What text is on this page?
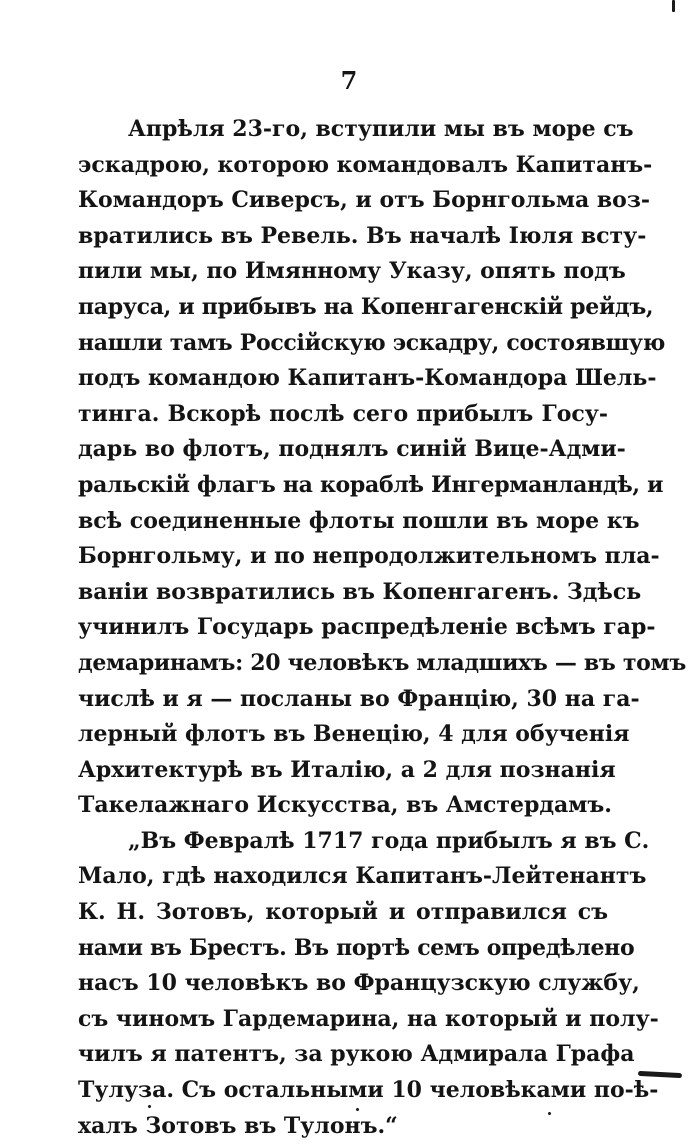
7
Апрѣля 23-го, вступили мы въ море съ
эскадрою, которою командовалъ Капитанъ-
Командоръ Сиверсъ, и отъ Борнгольма воз-
вратились въ Ревель. Въ началѣ Іюля всту-
пили мы, по Имянному Указу, опять подъ
паруса, и прибывъ на Копенгагенскій рейдъ,
нашли тамъ Россійскую эскадру, состоявшую
подъ командою Капитанъ-Командора Шель-
тинга. Вскорѣ послѣ сего прибылъ Госу-
дарь во флотъ, поднялъ синій Вице-Адми-
ральскій флагъ на кораблѣ Ингерманландѣ, и
всѣ соединенные флоты пошли въ море къ
Борнгольму, и по непродолжительномъ пла-
ваніи возвратились въ Копенгагенъ. Здѣсь
учинилъ Государь распредѣленіе всѣмъ гар-
демаринамъ: 20 человѣкъ младшихъ — въ томъ
числѣ и я — посланы во Францію, 30 на га-
лерный флотъ въ Венецію, 4 для обученія
Архитектурѣ въ Италію, а 2 для познанія
Такелажнаго Искусства, въ Амстердамъ.
„Въ Февралѣ 1717 года прибылъ я въ С.
Мало, гдѣ находился Капитанъ-Лейтенантъ
К. Н. Зотовъ, который и отправился съ
нами въ Брестъ. Въ портѣ семъ опредѣлено
насъ 10 человѣкъ во Французскую службу,
съ чиномъ Гардемарина, на который и полу-
чилъ я патентъ, за рукою Адмирала Графа
Тулуза. Съ остальными 10 человѣками по-ѣ-
халъ Зотовъ въ Тулонъ.“
